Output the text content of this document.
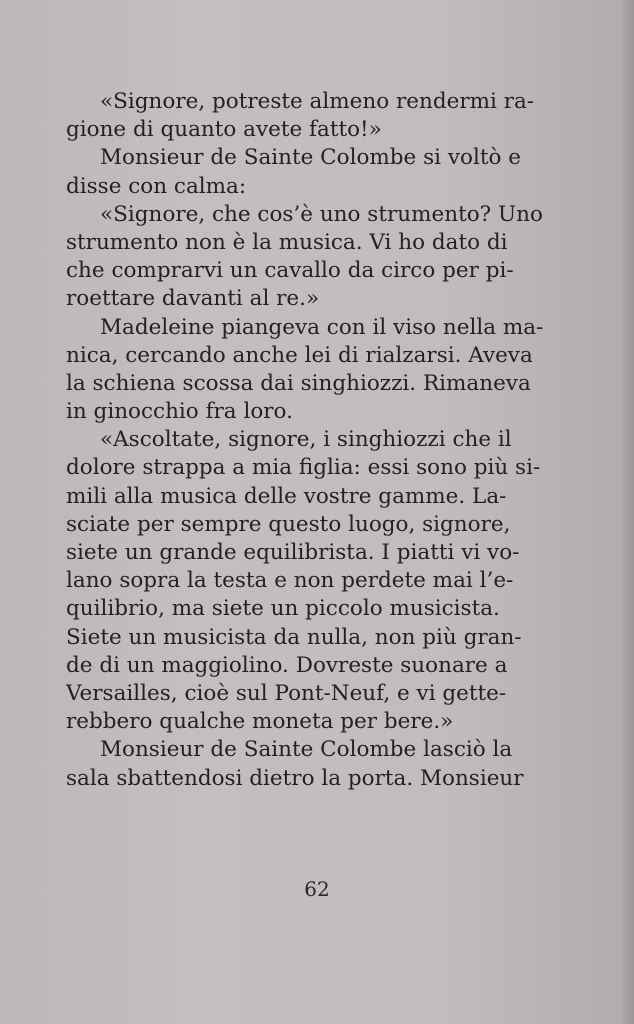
«Signore, potreste almeno rendermi ra-
gione di quanto avete fatto!»
Monsieur de Sainte Colombe si voltò e
disse con calma:
«Signore, che cos’è uno strumento? Uno
strumento non è la musica. Vi ho dato di
che comprarvi un cavallo da circo per pi-
roettare davanti al re.»
Madeleine piangeva con il viso nella ma-
nica, cercando anche lei di rialzarsi. Aveva
la schiena scossa dai singhiozzi. Rimaneva
in ginocchio fra loro.
«Ascoltate, signore, i singhiozzi che il
dolore strappa a mia figlia: essi sono più si-
mili alla musica delle vostre gamme. La-
sciate per sempre questo luogo, signore,
siete un grande equilibrista. I piatti vi vo-
lano sopra la testa e non perdete mai l’e-
quilibrio, ma siete un piccolo musicista.
Siete un musicista da nulla, non più gran-
de di un maggiolino. Dovreste suonare a
Versailles, cioè sul Pont-Neuf, e vi gette-
rebbero qualche moneta per bere.»
Monsieur de Sainte Colombe lasciò la
sala sbattendosi dietro la porta. Monsieur
62
